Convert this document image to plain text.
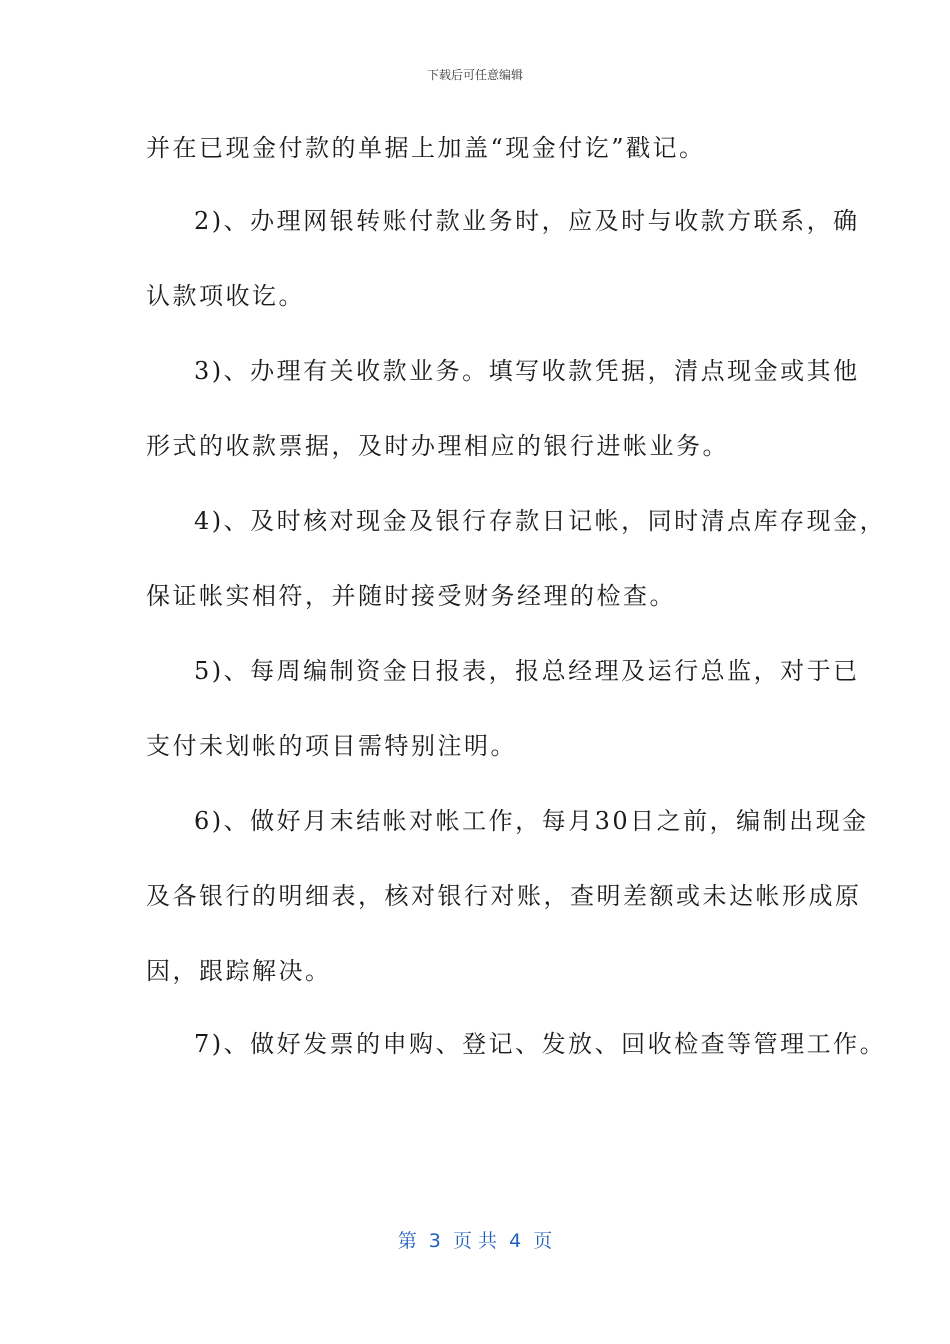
下载后可任意编辑
并在已现金付款的单据上加盖“现金付讫”戳记。
2)、办理网银转账付款业务时，应及时与收款方联系，确
认款项收讫。
3)、办理有关收款业务。填写收款凭据，清点现金或其他
形式的收款票据，及时办理相应的银行进帐业务。
4)、及时核对现金及银行存款日记帐，同时清点库存现金，
保证帐实相符，并随时接受财务经理的检查。
5)、每周编制资金日报表，报总经理及运行总监，对于已
支付未划帐的项目需特别注明。
6)、做好月末结帐对帐工作，每月30日之前，编制出现金
及各银行的明细表，核对银行对账，查明差额或未达帐形成原
因，跟踪解决。
7)、做好发票的申购、登记、发放、回收检查等管理工作。
第  3  页 共  4  页
